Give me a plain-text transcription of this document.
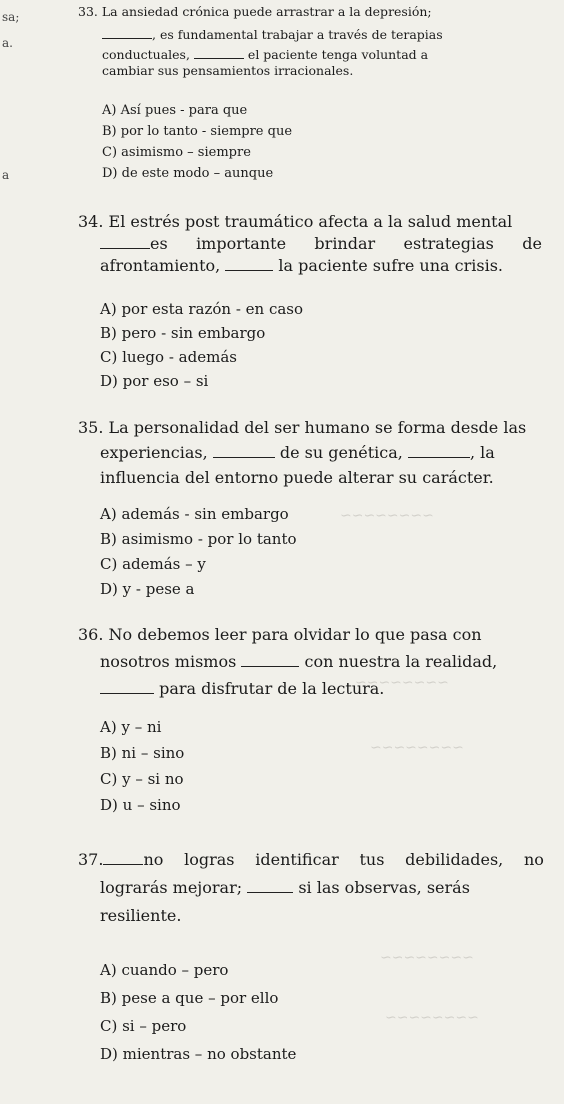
sa;
a.
a
~~~~~~~~
~~~~~~~~
~~~~~~~~
~~~~~~~~
~~~~~~~~
33. La ansiedad crónica puede arrastrar a la depresión;
, es fundamental trabajar a través de terapias
conductuales,	el paciente tenga voluntad a
cambiar sus pensamientos irracionales.
A) Así pues - para que
B) por lo tanto - siempre que
C) asimismo – siempre
D) de este modo – aunque
34. El estrés post traumático afecta a la salud mental
es importante brindar estrategias de
afrontamiento,	la paciente sufre una crisis.
A) por esta razón - en caso
B) pero - sin embargo
C) luego - además
D) por eso – si
35. La personalidad del ser humano se forma desde las
experiencias,	de su genética,	, la
influencia del entorno puede alterar su carácter.
A) además - sin embargo
B) asimismo - por lo tanto
C) además – y
D) y - pese a
36. No debemos leer para olvidar lo que pasa con
nosotros mismos	con nuestra la realidad,
para disfrutar de la lectura.
A) y – ni
B) ni – sino
C) y – si no
D) u – sino
37.	no logras identificar tus debilidades, no
lograrás mejorar;	si las observas, serás
resiliente.
A) cuando – pero
B) pese a que – por ello
C) si – pero
D) mientras – no obstante
